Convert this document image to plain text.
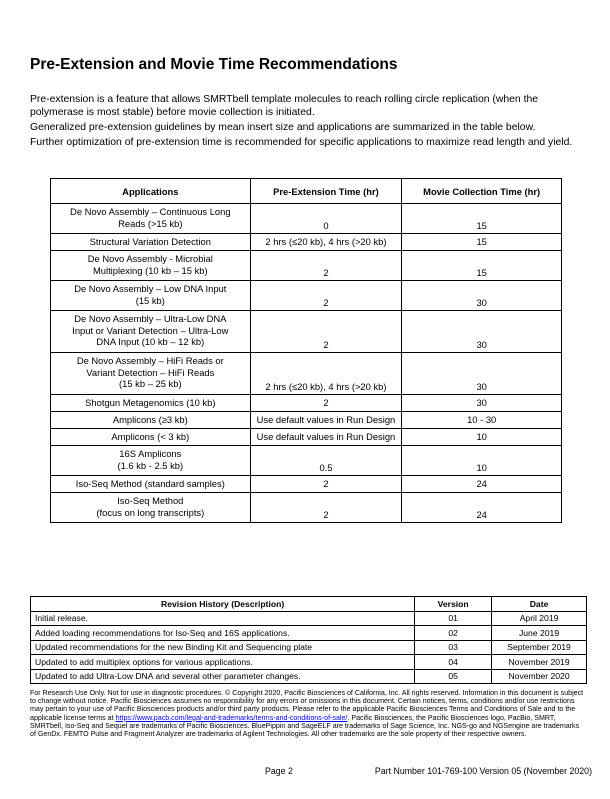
Pre-Extension and Movie Time Recommendations
Pre-extension is a feature that allows SMRTbell template molecules to reach rolling circle replication (when the polymerase is most stable) before movie collection is initiated.
Generalized pre-extension guidelines by mean insert size and applications are summarized in the table below.
Further optimization of pre-extension time is recommended for specific applications to maximize read length and yield.
Applications	Pre-Extension Time (hr)	Movie Collection Time (hr)

De Novo Assembly – Continuous Long
Reads (>15 kb)	0	15

Structural Variation Detection	2 hrs (≤20 kb), 4 hrs (>20 kb)	15

De Novo Assembly - Microbial
Multiplexing (10 kb – 15 kb)	2	15

De Novo Assembly – Low DNA Input
(15 kb)	2	30

De Novo Assembly – Ultra-Low DNA
Input or Variant Detection – Ultra-Low
DNA Input (10 kb – 12 kb)	2	30

De Novo Assembly – HiFi Reads or
Variant Detection – HiFi Reads
(15 kb – 25 kb)	2 hrs (≤20 kb), 4 hrs (>20 kb)	30

Shotgun Metagenomics (10 kb)	2	30

Amplicons (≥3 kb)	Use default values in Run Design	10 - 30

Amplicons (< 3 kb)	Use default values in Run Design	10

16S Amplicons
(1.6 kb - 2.5 kb)	0.5	10

Iso-Seq Method (standard samples)	2	24

Iso-Seq Method
(focus on long transcripts)	2	24
Revision History (Description)	Version	Date
Initial release.	01	April 2019
Added loading recommendations for Iso-Seq and 16S applications.	02	June 2019
Updated recommendations for the new Binding Kit and Sequencing plate	03	September 2019
Updated to add multiplex options for various applications.	04	November 2019
Updated to add Ultra-Low DNA and several other parameter changes.	05	November 2020
For Research Use Only. Not for use in diagnostic procedures. © Copyright 2020, Pacific Biosciences of California, Inc. All rights reserved. Information in this document is subject to change without notice. Pacific Biosciences assumes no responsibility for any errors or omissions in this document. Certain notices, terms, conditions and/or use restrictions may pertain to your use of Pacific Biosciences products and/or third party products. Please refer to the applicable Pacific Biosciences Terms and Conditions of Sale and to the applicable license terms at https://www.pacb.com/legal-and-trademarks/terms-and-conditions-of-sale/. Pacific Biosciences, the Pacific Biosciences logo, PacBio, SMRT, SMRTbell, Iso-Seq and Sequel are trademarks of Pacific Biosciences. BluePippin and SageELF are trademarks of Sage Science, Inc. NGS-go and NGSengine are trademarks of GenDx. FEMTO Pulse and Fragment Analyzer are trademarks of Agilent Technologies. All other trademarks are the sole property of their respective owners.
Page 2	Part Number 101-769-100 Version 05 (November 2020)
